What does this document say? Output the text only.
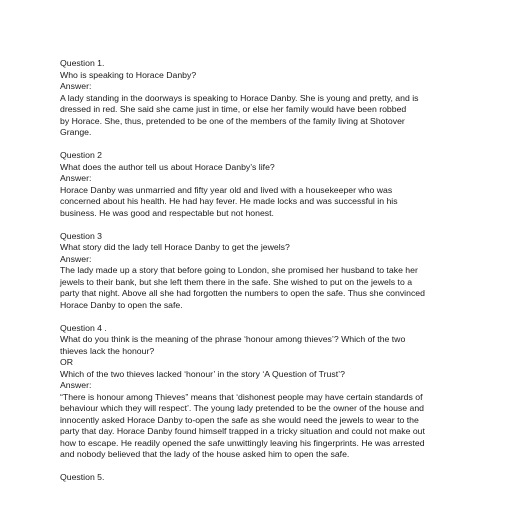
Question 1.
Who is speaking to Horace Danby?
Answer:
A lady standing in the doorways is speaking to Horace Danby. She is young and pretty, and is
dressed in red. She said she came just in time, or else her family would have been robbed
by Horace. She, thus, pretended to be one of the members of the family living at Shotover
Grange.
Question 2
What does the author tell us about Horace Danby’s life?
Answer:
Horace Danby was unmarried and fifty year old and lived with a housekeeper who was
concerned about his health. He had hay fever. He made locks and was successful in his
business. He was good and respectable but not honest.
Question 3
What story did the lady tell Horace Danby to get the jewels?
Answer:
The lady made up a story that before going to London, she promised her husband to take her
jewels to their bank, but she left them there in the safe. She wished to put on the jewels to a
party that night. Above all she had forgotten the numbers to open the safe. Thus she convinced
Horace Danby to open the safe.
Question 4 .
What do you think is the meaning of the phrase ‘honour among thieves’? Which of the two
thieves lack the honour?
OR
Which of the two thieves lacked ‘honour’ in the story ‘A Question of Trust’?
Answer:
“There is honour among Thieves” means that ‘dishonest people may have certain standards of
behaviour which they will respect’. The young lady pretended to be the owner of the house and
innocently asked Horace Danby to-open the safe as she would need the jewels to wear to the
party that day. Horace Danby found himself trapped in a tricky situation and could not make out
how to escape. He readily opened the safe unwittingly leaving his fingerprints. He was arrested
and nobody believed that the lady of the house asked him to open the safe.
Question 5.
